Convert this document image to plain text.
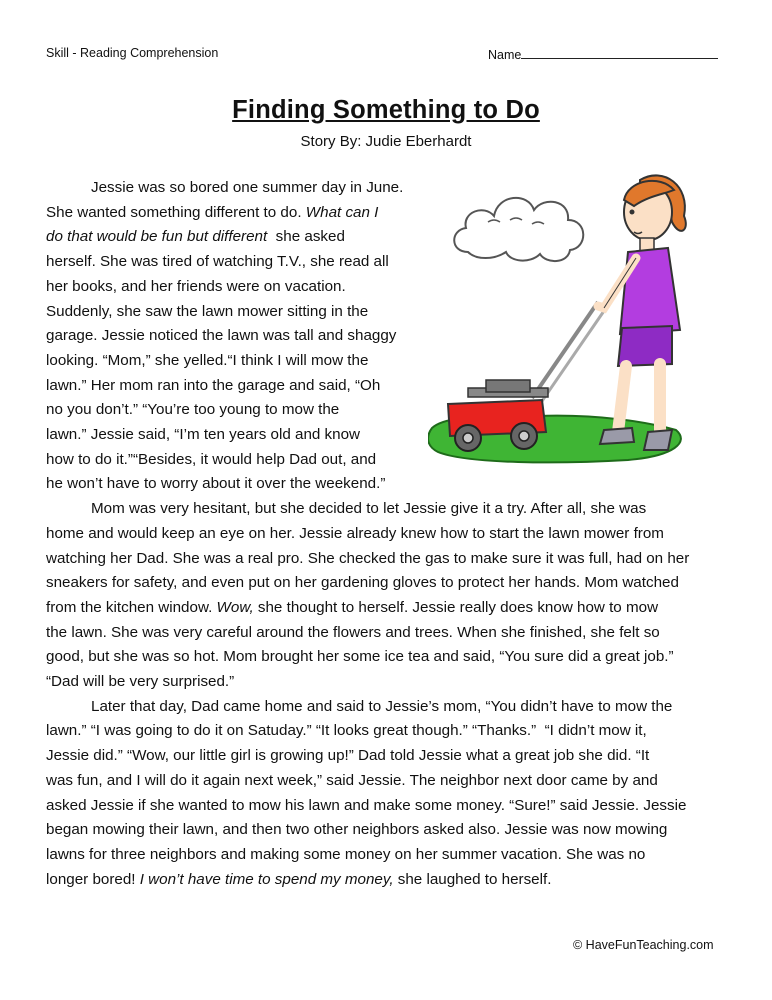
Skill - Reading Comprehension	Name
Finding Something to Do
Story By: Judie Eberhardt

Jessie was so bored one summer day in June.
She wanted something different to do. What can I
do that would be fun but different  she asked
herself. She was tired of watching T.V., she read all
her books, and her friends were on vacation.
Suddenly, she saw the lawn mower sitting in the
garage. Jessie noticed the lawn was tall and shaggy
looking. “Mom,” she yelled.“I think I will mow the
lawn.” Her mom ran into the garage and said, “Oh
no you don’t.” “You’re too young to mow the
lawn.” Jessie said, “I’m ten years old and know
how to do it.”“Besides, it would help Dad out, and
he won’t have to worry about it over the weekend.”

Mom was very hesitant, but she decided to let Jessie give it a try. After all, she was
home and would keep an eye on her. Jessie already knew how to start the lawn mower from
watching her Dad. She was a real pro. She checked the gas to make sure it was full, had on her
sneakers for safety, and even put on her gardening gloves to protect her hands. Mom watched
from the kitchen window. Wow, she thought to herself. Jessie really does know how to mow
the lawn. She was very careful around the flowers and trees. When she finished, she felt so
good, but she was so hot. Mom brought her some ice tea and said, “You sure did a great job.”
“Dad will be very surprised.”

Later that day, Dad came home and said to Jessie’s mom, “You didn’t have to mow the
lawn.” “I was going to do it on Satuday.” “It looks great though.” “Thanks.”  “I didn’t mow it,
Jessie did.” “Wow, our little girl is growing up!” Dad told Jessie what a great job she did. “It
was fun, and I will do it again next week,” said Jessie. The neighbor next door came by and
asked Jessie if she wanted to mow his lawn and make some money. “Sure!” said Jessie. Jessie
began mowing their lawn, and then two other neighbors asked also. Jessie was now mowing
lawns for three neighbors and making some money on her summer vacation. She was no
longer bored! I won’t have time to spend my money, she laughed to herself.

© HaveFunTeaching.com
